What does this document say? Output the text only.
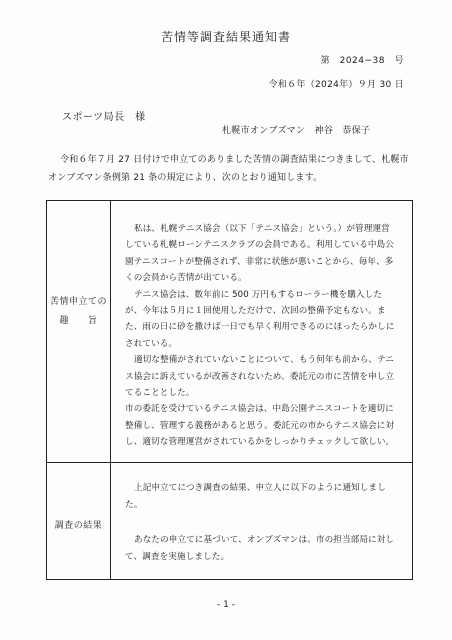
苦情等調査結果通知書
第　2024−38　号
令和６年（2024年）９月 30 日
スポーツ局長　様
札幌市オンブズマン　神谷　恭保子

令和６年７月 27 日付けで申立てのありました苦情の調査結果につきまして、札幌市オンブズマン条例第 21 条の規定により、次のとおり通知します。

苦情申立ての
趣　　旨

私は、札幌テニス協会（以下「テニス協会」という。）が管理運営している札幌ローンテニスクラブの会員である。利用している中島公園テニスコートが整備されず、非常に状態が悪いことから、毎年、多くの会員から苦情が出ている。

テニス協会は、数年前に 500 万円もするローラー機を購入したが、今年は５月に１回使用しただけで、次回の整備予定もない。また、雨の日に砂を撒けば一日でも早く利用できるのにほったらかしにされている。

適切な整備がされていないことについて、もう何年も前から、テニス協会に訴えているが改善されないため、委託元の市に苦情を申し立てることとした。

市の委託を受けているテニス協会は、中島公園テニスコートを適切に整備し、管理する義務があると思う。委託元の市からテニス協会に対し、適切な管理運営がされているかをしっかりチェックして欲しい。

調査の結果

上記申立てにつき調査の結果、申立人に以下のように通知しました。

あなたの申立てに基づいて、オンブズマンは、市の担当部局に対して、調査を実施しました。

- 1 -
